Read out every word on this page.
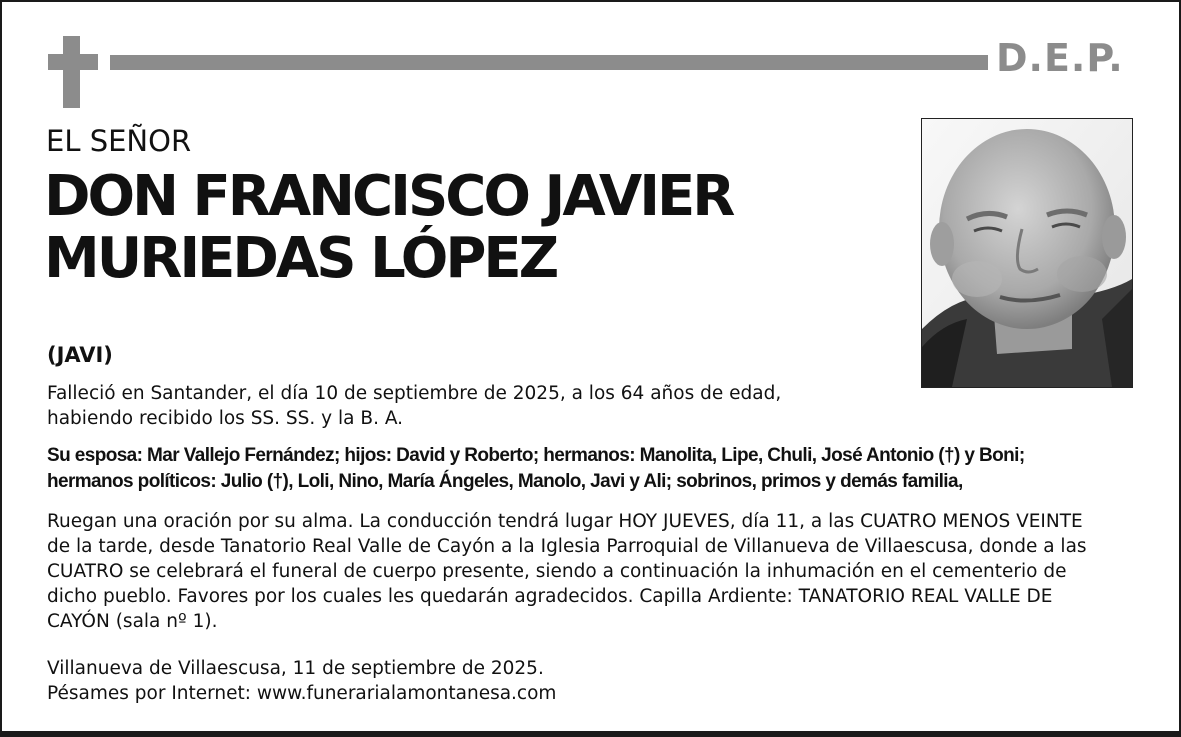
D.E.P.
EL SEÑOR
DON FRANCISCO JAVIER
MURIEDAS LÓPEZ
(JAVI)
Falleció en Santander, el día 10 de septiembre de 2025, a los 64 años de edad,
habiendo recibido los SS. SS. y la B. A.
Su esposa: Mar Vallejo Fernández; hijos: David y Roberto; hermanos: Manolita, Lipe, Chuli, José Antonio (†) y Boni;
hermanos políticos: Julio (†), Loli, Nino, María Ángeles, Manolo, Javi y Ali; sobrinos, primos y demás familia,
Ruegan una oración por su alma. La conducción tendrá lugar HOY JUEVES, día 11, a las CUATRO MENOS VEINTE
de la tarde, desde Tanatorio Real Valle de Cayón a la Iglesia Parroquial de Villanueva de Villaescusa, donde a las
CUATRO se celebrará el funeral de cuerpo presente, siendo a continuación la inhumación en el cementerio de
dicho pueblo. Favores por los cuales les quedarán agradecidos. Capilla Ardiente: TANATORIO REAL VALLE DE
CAYÓN (sala nº 1).
Villanueva de Villaescusa, 11 de septiembre de 2025.
Pésames por Internet: www.funerarialamontanesa.com
